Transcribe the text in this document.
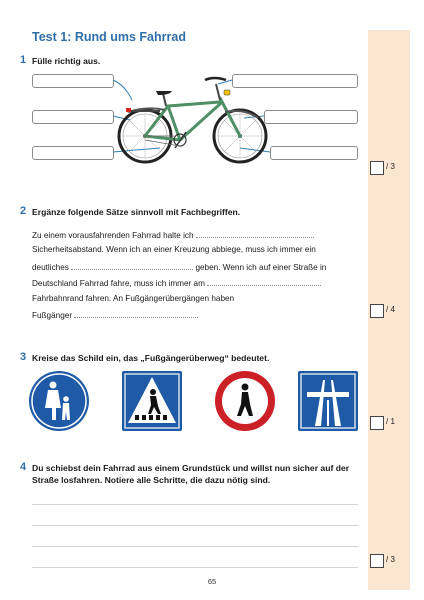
Test 1: Rund ums Fahrrad
1 Fülle richtig aus.
/ 3
2 Ergänze folgende Sätze sinnvoll mit Fachbegriffen.
Zu einem vorausfahrenden Fahrrad halte ich
Sicherheitsabstand. Wenn ich an einer Kreuzung abbiege, muss ich immer ein
deutliches	geben. Wenn ich auf einer Straße in
Deutschland Fahrrad fahre, muss ich immer am
Fahrbahnrand fahren. An Fußgängerübergängen haben
Fußgänger	.
/ 4
3 Kreise das Schild ein, das „Fußgängerüberweg“ bedeutet.
/ 1
4 Du schiebst dein Fahrrad aus einem Grundstück und willst nun sicher auf der
Straße losfahren. Notiere alle Schritte, die dazu nötig sind.
/ 3
65
